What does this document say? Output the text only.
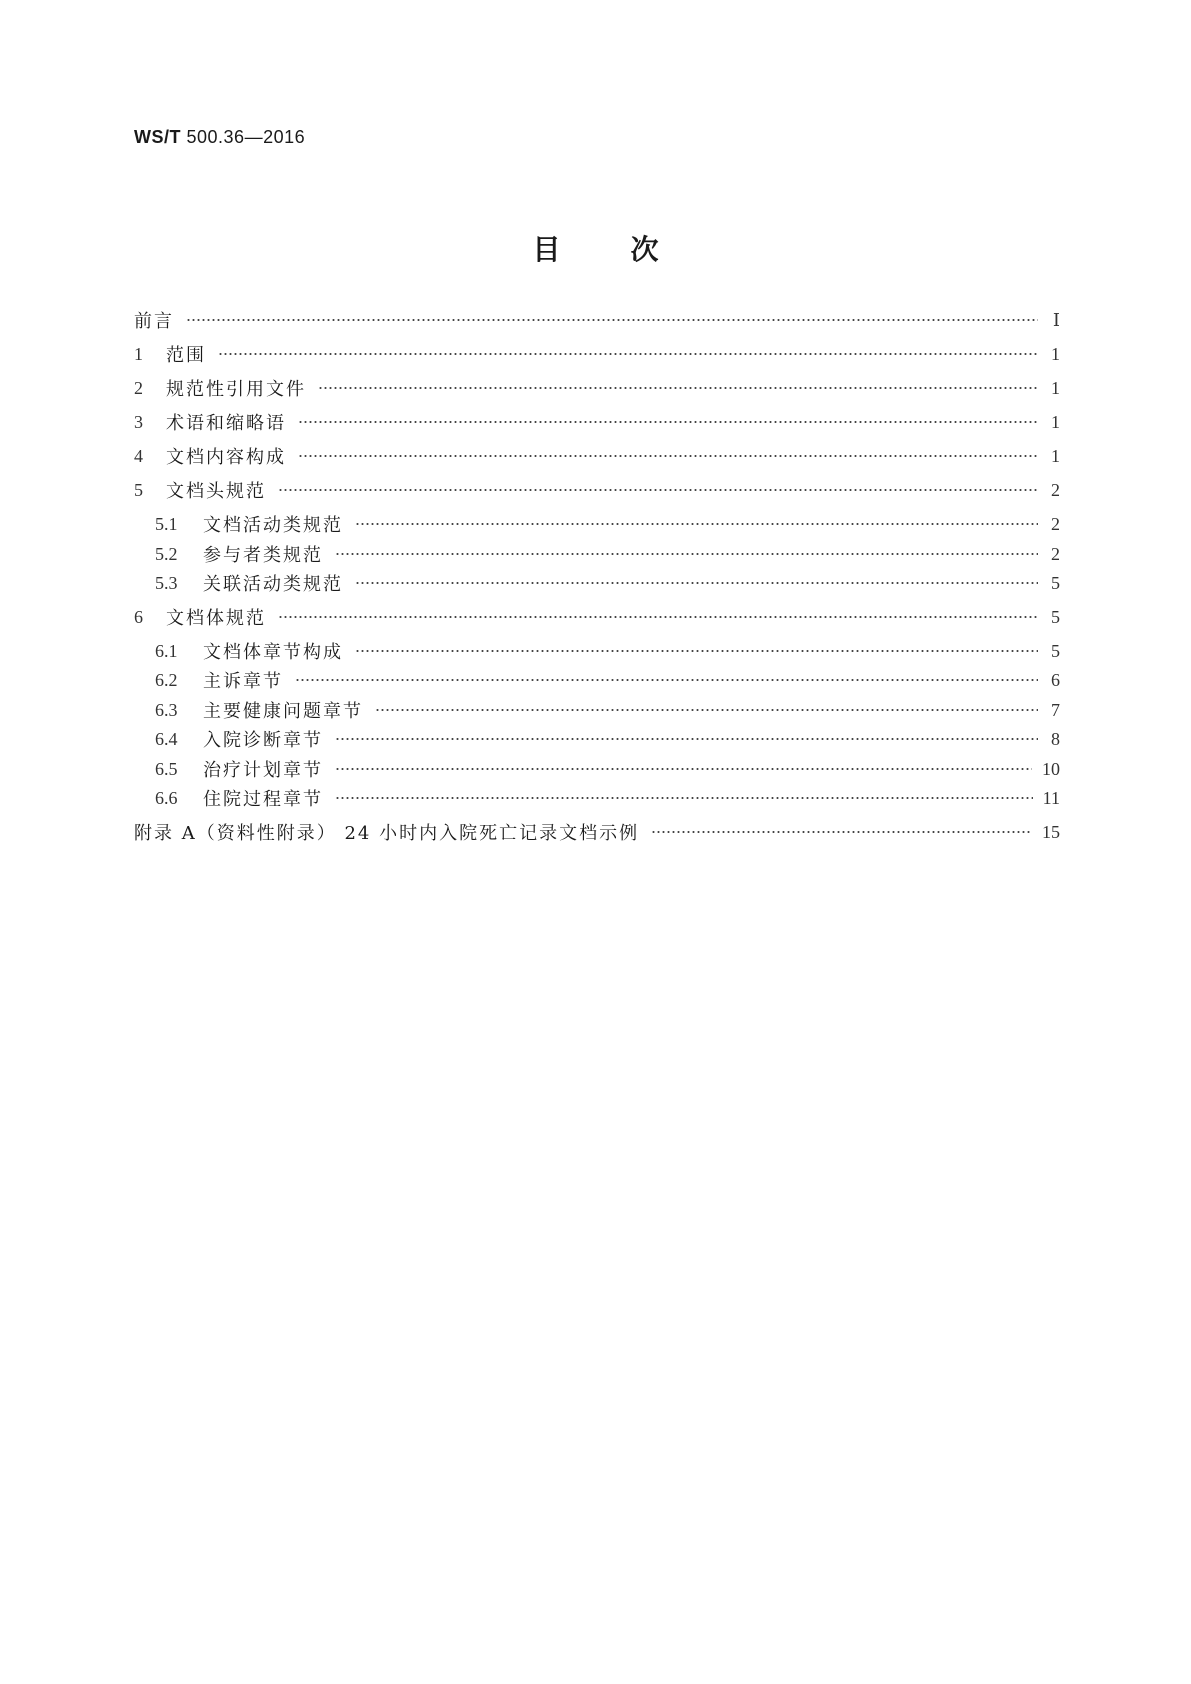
WS/T 500.36—2016
目	次
前言	Ⅰ
1	范围	1
2	规范性引用文件	1
3	术语和缩略语	1
4	文档内容构成	1
5	文档头规范	2
5.1	文档活动类规范	2
5.2	参与者类规范	2
5.3	关联活动类规范	5
6	文档体规范	5
6.1	文档体章节构成	5
6.2	主诉章节	6
6.3	主要健康问题章节	7
6.4	入院诊断章节	8
6.5	治疗计划章节	10
6.6	住院过程章节	11
附录 A（资料性附录） 24 小时内入院死亡记录文档示例	15
